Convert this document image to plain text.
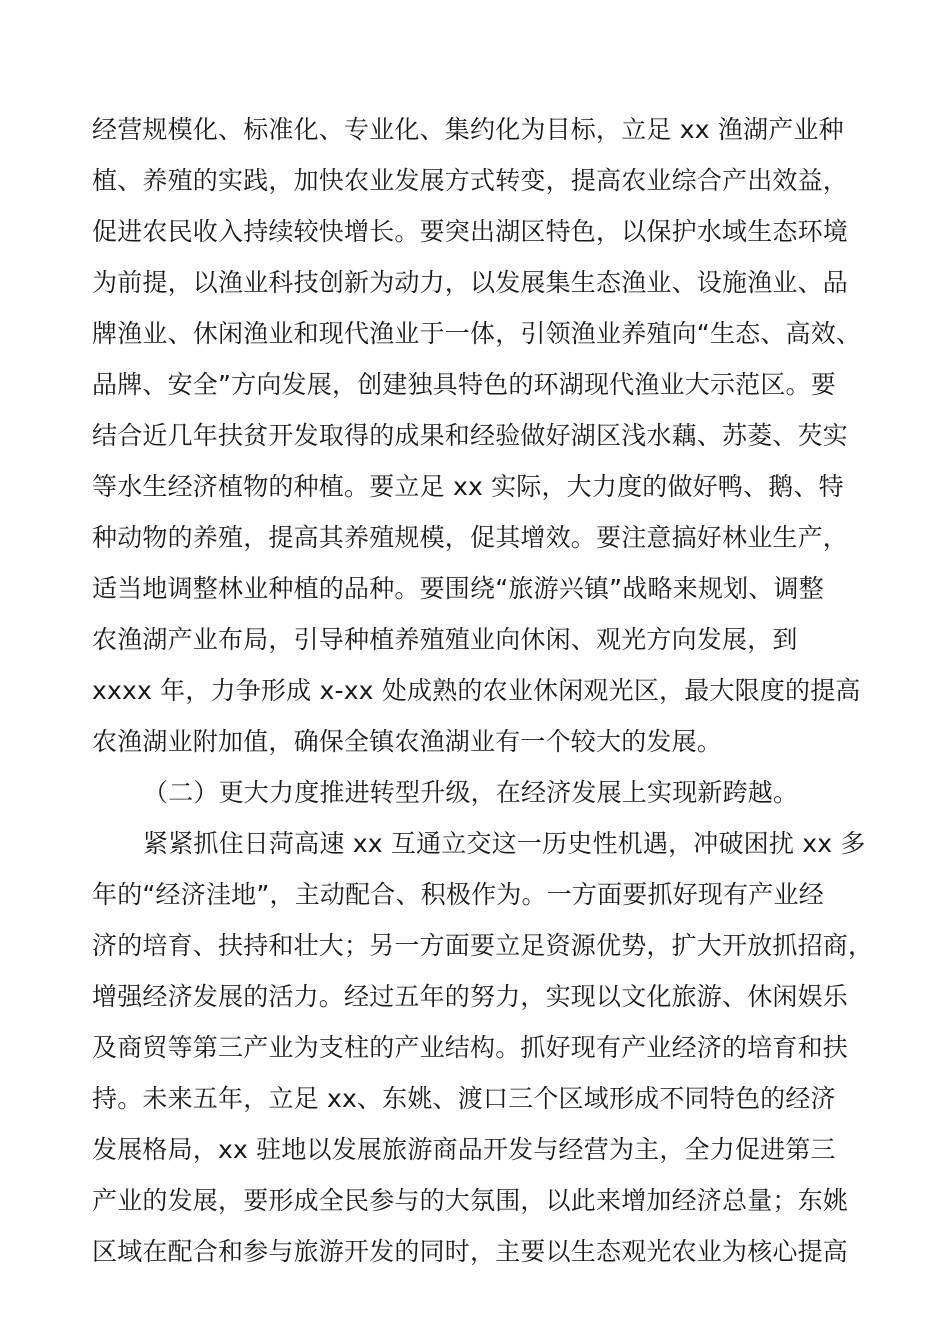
经营规模化、标准化、专业化、集约化为目标，立足 xx 渔湖产业种
植、养殖的实践，加快农业发展方式转变，提高农业综合产出效益，
促进农民收入持续较快增长。要突出湖区特色，以保护水域生态环境
为前提，以渔业科技创新为动力，以发展集生态渔业、设施渔业、品
牌渔业、休闲渔业和现代渔业于一体，引领渔业养殖向“生态、高效、
品牌、安全”方向发展，创建独具特色的环湖现代渔业大示范区。要
结合近几年扶贫开发取得的成果和经验做好湖区浅水藕、苏菱、芡实
等水生经济植物的种植。要立足 xx 实际，大力度的做好鸭、鹅、特
种动物的养殖，提高其养殖规模，促其增效。要注意搞好林业生产，
适当地调整林业种植的品种。要围绕“旅游兴镇”战略来规划、调整
农渔湖产业布局，引导种植养殖殖业向休闲、观光方向发展，到
xxxx 年，力争形成 x-xx 处成熟的农业休闲观光区，最大限度的提高
农渔湖业附加值，确保全镇农渔湖业有一个较大的发展。
（二）更大力度推进转型升级，在经济发展上实现新跨越。
紧紧抓住日菏高速 xx 互通立交这一历史性机遇，冲破困扰 xx 多
年的“经济洼地”，主动配合、积极作为。一方面要抓好现有产业经
济的培育、扶持和壮大；另一方面要立足资源优势，扩大开放抓招商，
增强经济发展的活力。经过五年的努力，实现以文化旅游、休闲娱乐
及商贸等第三产业为支柱的产业结构。抓好现有产业经济的培育和扶
持。未来五年，立足 xx、东姚、渡口三个区域形成不同特色的经济
发展格局，xx 驻地以发展旅游商品开发与经营为主，全力促进第三
产业的发展，要形成全民参与的大氛围，以此来增加经济总量；东姚
区域在配合和参与旅游开发的同时，主要以生态观光农业为核心提高
